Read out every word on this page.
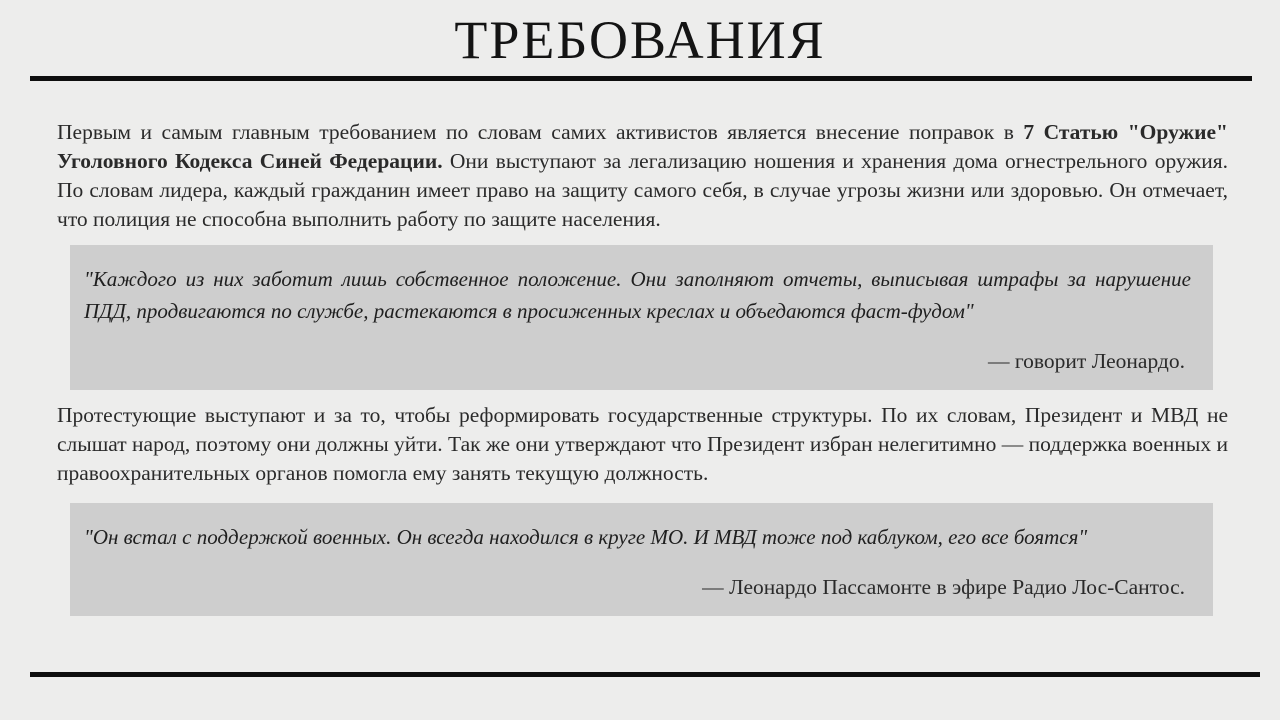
ТРЕБОВАНИЯ

Первым и самым главным требованием по словам самих активистов является внесение поправок в 7 Статью "Оружие" Уголовного Кодекса Синей Федерации. Они выступают за легализацию ношения и хранения дома огнестрельного оружия. По словам лидера, каждый гражданин имеет право на защиту самого себя, в случае угрозы жизни или здоровью. Он отмечает, что полиция не способна выполнить работу по защите населения.

"Каждого из них заботит лишь собственное положение. Они заполняют отчеты, выписывая штрафы за нарушение ПДД, продвигаются по службе, растекаются в просиженных креслах и объедаются фаст-фудом"

— говорит Леонардо.

Протестующие выступают и за то, чтобы реформировать государственные структуры. По их словам, Президент и МВД не слышат народ, поэтому они должны уйти. Так же они утверждают что Президент избран нелегитимно — поддержка военных и правоохранительных органов помогла ему занять текущую должность.

"Он встал с поддержкой военных. Он всегда находился в круге МО. И МВД тоже под каблуком, его все боятся"

— Леонардо Пассамонте в эфире Радио Лос-Сантос.
